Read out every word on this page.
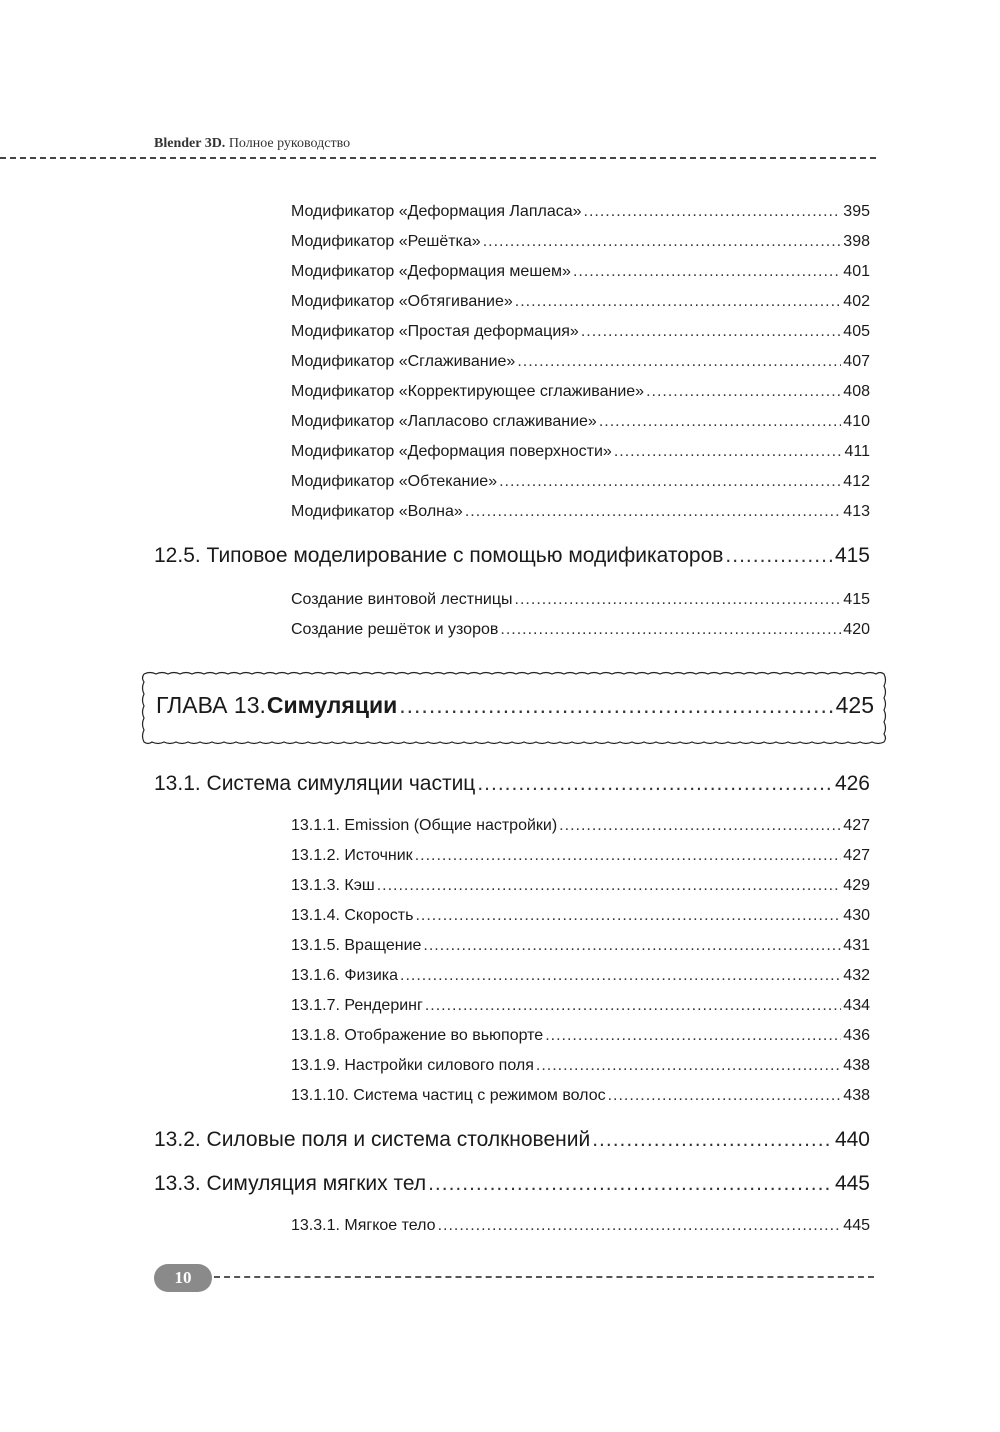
Blender 3D. Полное руководство
Модификатор «Деформация Лапласа» .....	395
Модификатор «Решётка» .....	398
Модификатор «Деформация мешем» .....	401
Модификатор «Обтягивание» .....	402
Модификатор «Простая деформация» .....	405
Модификатор «Сглаживание» .....	407
Модификатор «Корректирующее сглаживание» .....	408
Модификатор «Лапласово сглаживание» .....	410
Модификатор «Деформация поверхности» .....	411
Модификатор «Обтекание» .....	412
Модификатор «Волна» .....	413
12.5. Типовое моделирование с помощью модификаторов .....	415
Создание винтовой лестницы .....	415
Создание решёток и узоров .....	420
ГЛАВА 13. Симуляции .....	425
13.1. Система симуляции частиц .....	426
13.1.1. Emission (Общие настройки) .....	427
13.1.2. Источник .....	427
13.1.3. Кэш .....	429
13.1.4. Скорость .....	430
13.1.5. Вращение .....	431
13.1.6. Физика .....	432
13.1.7. Рендеринг .....	434
13.1.8. Отображение во вьюпорте .....	436
13.1.9. Настройки силового поля .....	438
13.1.10. Система частиц с режимом волос .....	438
13.2. Силовые поля и система столкновений .....	440
13.3. Симуляция мягких тел .....	445
13.3.1. Мягкое тело .....	445
10
